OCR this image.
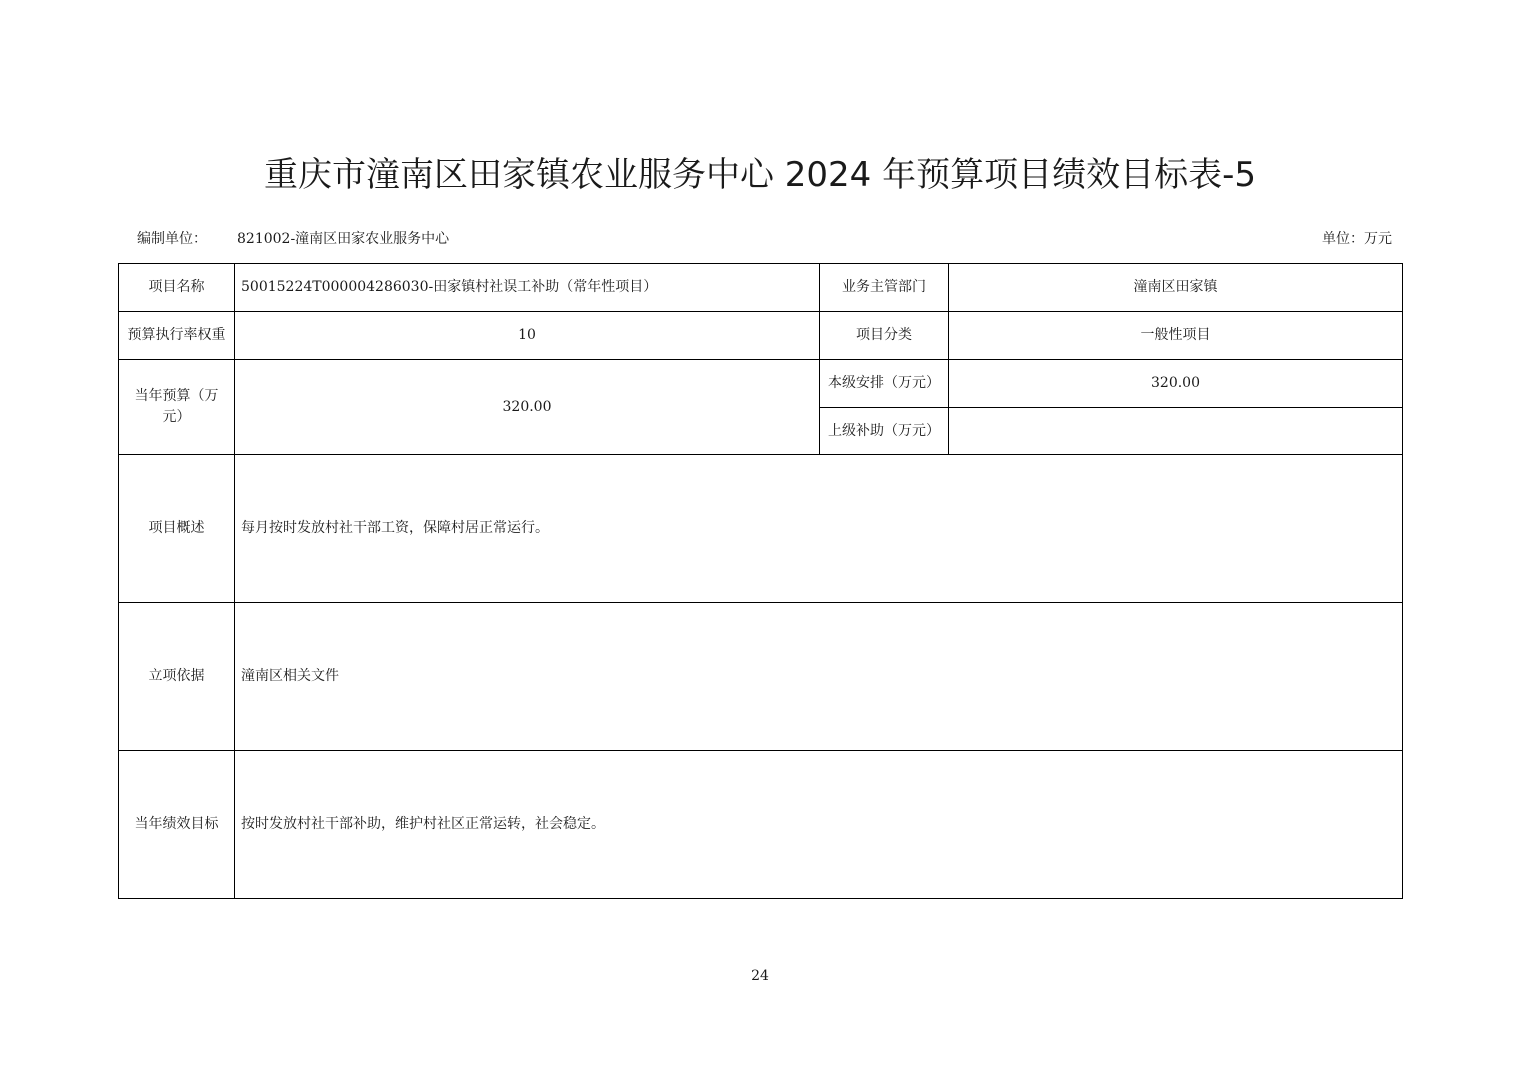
重庆市潼南区田家镇农业服务中心 2024 年预算项目绩效目标表-5
编制单位： 821002-潼南区田家农业服务中心	单位：万元
项目名称	50015224T000004286030-田家镇村社误工补助（常年性项目）	业务主管部门	潼南区田家镇
预算执行率权重	10	项目分类	一般性项目
当年预算（万元）	320.00	本级安排（万元）	320.00
		上级补助（万元）	
项目概述	每月按时发放村社干部工资，保障村居正常运行。		
立项依据	潼南区相关文件		
当年绩效目标	按时发放村社干部补助，维护村社区正常运转，社会稳定。		
24
